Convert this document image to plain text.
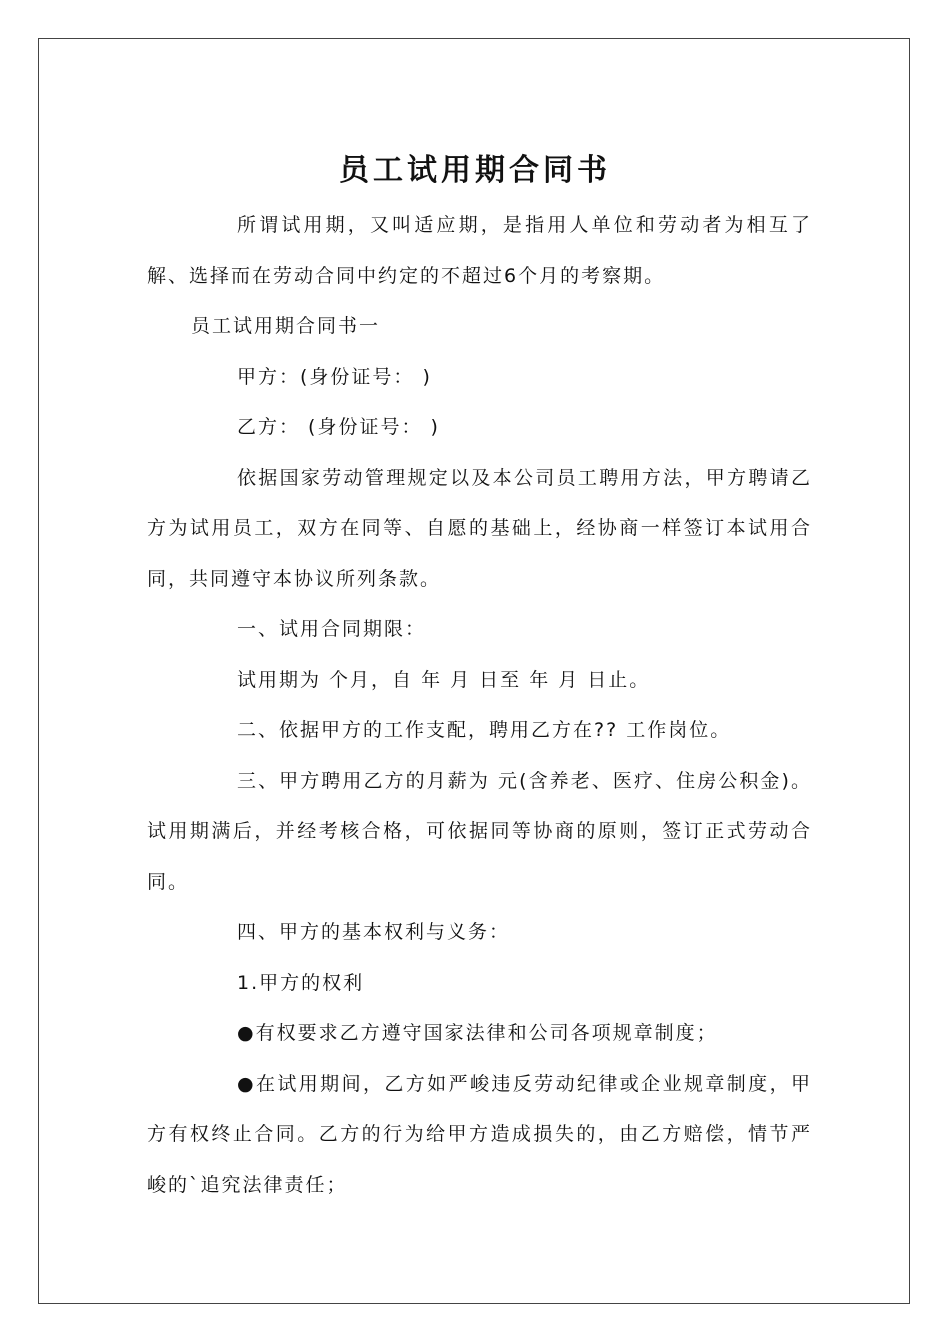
员工试用期合同书

所谓试用期，又叫适应期，是指用人单位和劳动者为相互了解、选择而在劳动合同中约定的不超过6个月的考察期。

员工试用期合同书一

甲方：(身份证号： )

乙方： (身份证号： )

依据国家劳动管理规定以及本公司员工聘用方法，甲方聘请乙方为试用员工，双方在同等、自愿的基础上，经协商一样签订本试用合同，共同遵守本协议所列条款。

一、试用合同期限：

试用期为 个月，自 年 月 日至 年 月 日止。

二、依据甲方的工作支配，聘用乙方在?? 工作岗位。

三、甲方聘用乙方的月薪为 元(含养老、医疗、住房公积金)。试用期满后，并经考核合格，可依据同等协商的原则，签订正式劳动合同。

四、甲方的基本权利与义务：

1.甲方的权利

●有权要求乙方遵守国家法律和公司各项规章制度；

●在试用期间，乙方如严峻违反劳动纪律或企业规章制度，甲方有权终止合同。乙方的行为给甲方造成损失的，由乙方赔偿，情节严峻的`追究法律责任；
